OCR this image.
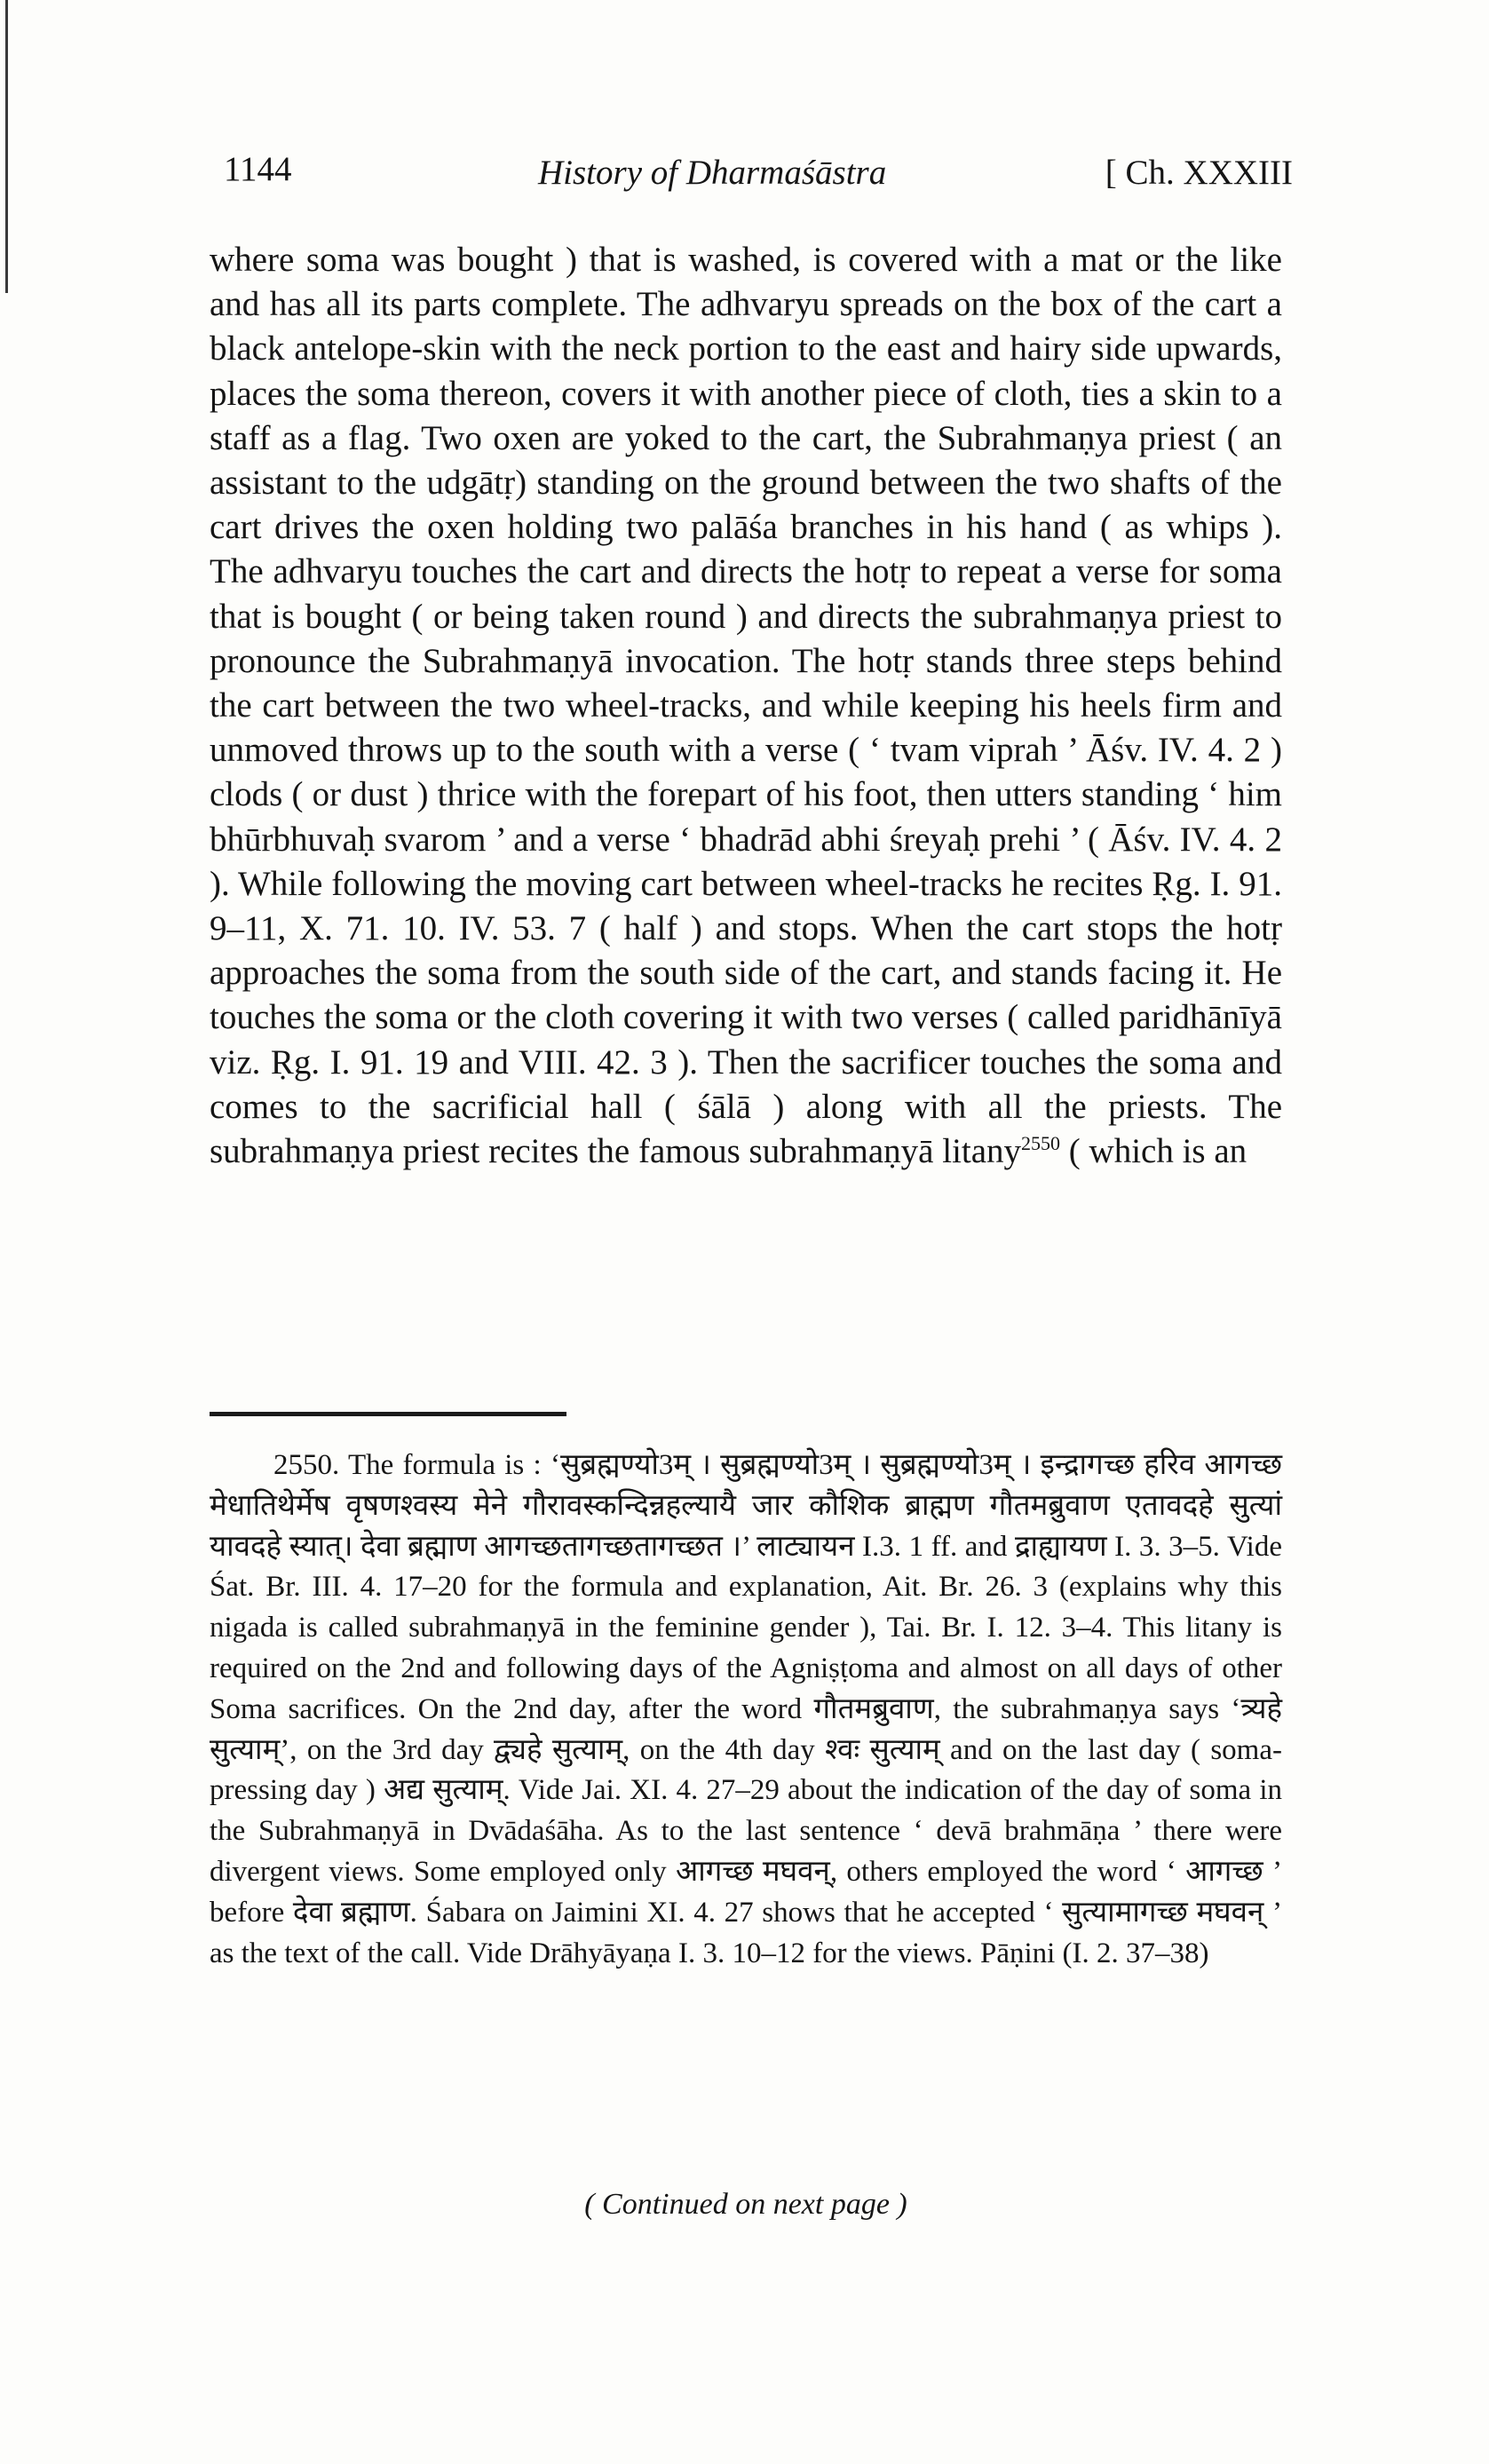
1144	History of Dharmaśāstra	[ Ch. XXXIII

where soma was bought ) that is washed, is covered with a mat or the like and has all its parts complete. The adhvaryu spreads on the box of the cart a black antelope-skin with the neck portion to the east and hairy side upwards, places the soma thereon, covers it with another piece of cloth, ties a skin to a staff as a flag. Two oxen are yoked to the cart, the Subrahmaṇya priest ( an assistant to the udgātṛ) standing on the ground between the two shafts of the cart drives the oxen holding two palāśa branches in his hand ( as whips ). The adhvaryu touches the cart and directs the hotṛ to repeat a verse for soma that is bought ( or being taken round ) and directs the subrahmaṇya priest to pronounce the Subrahmaṇyā invocation. The hotṛ stands three steps behind the cart between the two wheel-tracks, and while keeping his heels firm and unmoved throws up to the south with a verse ( ‘ tvam viprah ’ Āśv. IV. 4. 2 ) clods ( or dust ) thrice with the forepart of his foot, then utters standing ‘ him bhūrbhuvaḥ svarom ’ and a verse ‘ bhadrād abhi śreyaḥ prehi ’ ( Āśv. IV. 4. 2 ). While following the moving cart between wheel-tracks he recites Ṛg. I. 91. 9–11, X. 71. 10. IV. 53. 7 ( half ) and stops. When the cart stops the hotṛ approaches the soma from the south side of the cart, and stands facing it. He touches the soma or the cloth covering it with two verses ( called paridhānīyā viz. Ṛg. I. 91. 19 and VIII. 42. 3 ). Then the sacrificer touches the soma and comes to the sacrificial hall ( śālā ) along with all the priests. The subrahmaṇya priest recites the famous subrahmaṇyā litany$^{2550}$ ( which is an

2550. The formula is : ‘सुब्रह्मण्यो3म् । सुब्रह्मण्यो3म् । सुब्रह्मण्यो3म् । इन्द्रागच्छ हरिव आगच्छ मेधातिथेर्मेष वृषणश्वस्य मेने गौरावस्कन्दिन्नहल्यायै जार कौशिक ब्राह्मण गौतमब्रुवाण एतावदहे सुत्यां यावदहे स्यात्। देवा ब्रह्माण आगच्छतागच्छतागच्छत ।’ लाट्यायन I.3. 1 ff. and द्राह्यायण I. 3. 3–5. Vide Śat. Br. III. 4. 17–20 for the formula and explanation, Ait. Br. 26. 3 (explains why this nigada is called subrahmaṇyā in the feminine gender ), Tai. Br. I. 12. 3–4. This litany is required on the 2nd and following days of the Agniṣṭoma and almost on all days of other Soma sacrifices. On the 2nd day, after the word गौतमब्रुवाण, the subrahmaṇya says ‘त्र्यहे सुत्याम्’, on the 3rd day द्व्यहे सुत्याम्, on the 4th day श्वः सुत्याम् and on the last day ( soma-pressing day ) अद्य सुत्याम्. Vide Jai. XI. 4. 27–29 about the indication of the day of soma in the Subrahmaṇyā in Dvādaśāha. As to the last sentence ‘ devā brahmāṇa ’ there were divergent views. Some employed only आगच्छ मघवन्, others employed the word ‘ आगच्छ ’ before देवा ब्रह्माण. Śabara on Jaimini XI. 4. 27 shows that he accepted ‘ सुत्यामागच्छ मघवन् ’ as the text of the call. Vide Drāhyāyaṇa I. 3. 10–12 for the views. Pāṇini (I. 2. 37–38)

( Continued on next page )
